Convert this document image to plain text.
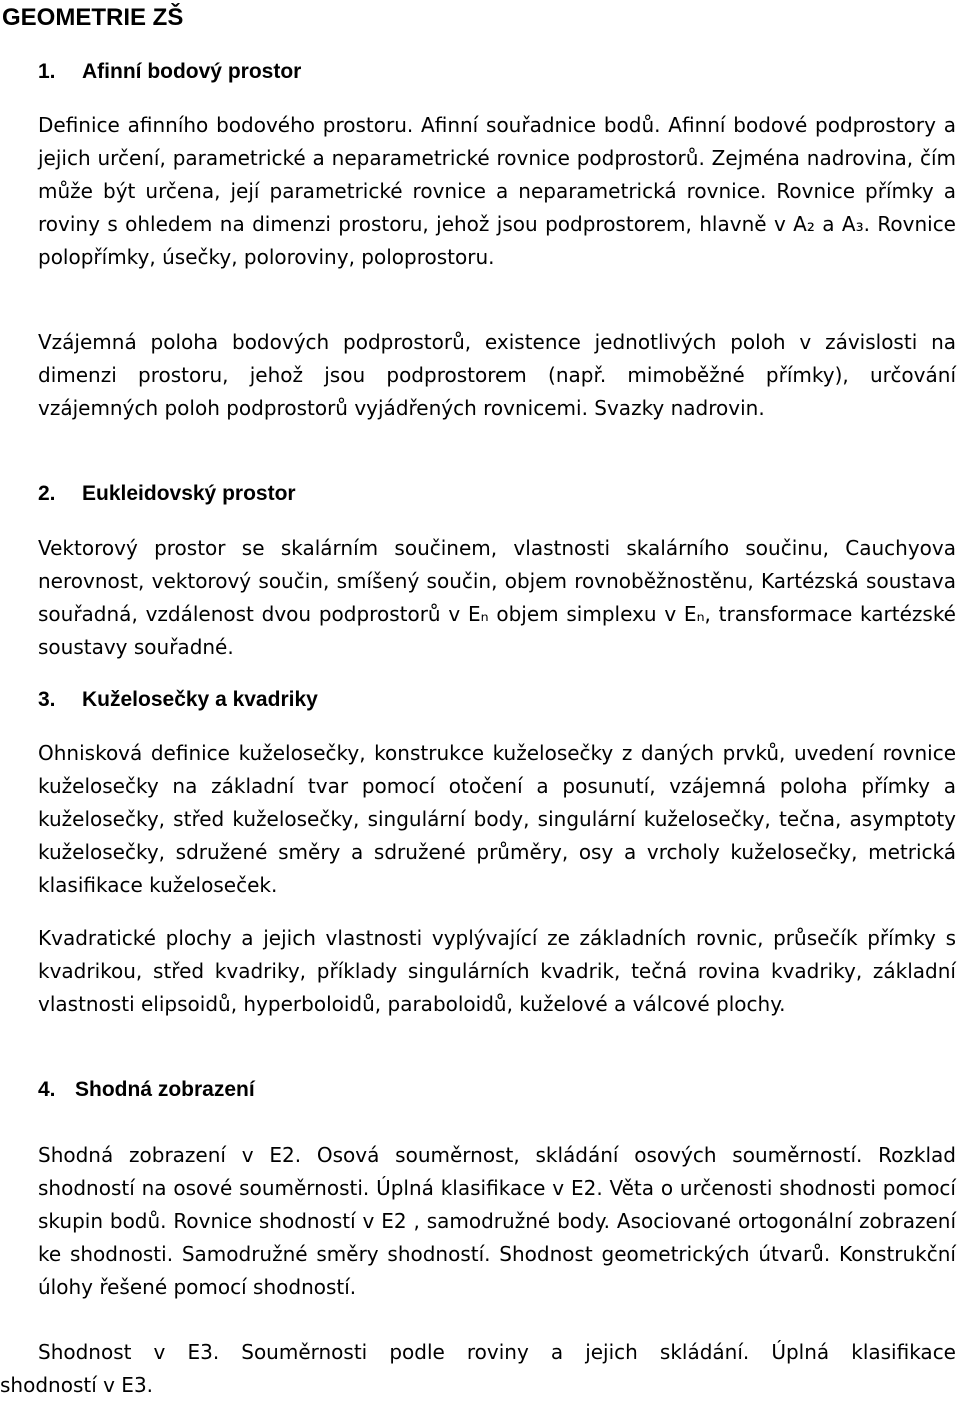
GEOMETRIE ZŠ
1. Afinní bodový prostor

Definice afinního bodového prostoru. Afinní souřadnice bodů. Afinní bodové podprostory a jejich určení, parametrické a neparametrické rovnice podprostorů. Zejména nadrovina, čím může být určena, její parametrické rovnice a neparametrická rovnice. Rovnice přímky a roviny s ohledem na dimenzi prostoru, jehož jsou podprostorem, hlavně v A₂ a A₃. Rovnice polopřímky, úsečky, poloroviny, poloprostoru.

Vzájemná poloha bodových podprostorů, existence jednotlivých poloh v závislosti na dimenzi prostoru, jehož jsou podprostorem (např. mimoběžné přímky), určování vzájemných poloh podprostorů vyjádřených rovnicemi. Svazky nadrovin.

2. Eukleidovský prostor

Vektorový prostor se skalárním součinem, vlastnosti skalárního součinu, Cauchyova nerovnost, vektorový součin, smíšený součin, objem rovnoběžnostěnu, Kartézská soustava souřadná, vzdálenost dvou podprostorů v Eₙ objem simplexu v Eₙ, transformace kartézské soustavy souřadné.

3. Kuželosečky a kvadriky

Ohnisková definice kuželosečky, konstrukce kuželosečky z daných prvků, uvedení rovnice kuželosečky na základní tvar pomocí otočení a posunutí, vzájemná poloha přímky a kuželosečky, střed kuželosečky, singulární body, singulární kuželosečky, tečna, asymptoty kuželosečky, sdružené směry a sdružené průměry, osy a vrcholy kuželosečky, metrická klasifikace kuželoseček.

Kvadratické plochy a jejich vlastnosti vyplývající ze základních rovnic, průsečík přímky s kvadrikou, střed kvadriky, příklady singulárních kvadrik, tečná rovina kvadriky, základní vlastnosti elipsoidů, hyperboloidů, paraboloidů, kuželové a válcové plochy.

4. Shodná zobrazení

Shodná zobrazení v E2. Osová souměrnost, skládání osových souměrností. Rozklad shodností na osové souměrnosti. Úplná klasifikace v E2. Věta o určenosti shodnosti pomocí skupin bodů. Rovnice shodností v E2 , samodružné body. Asociované ortogonální zobrazení ke shodnosti. Samodružné směry shodností. Shodnost geometrických útvarů. Konstrukční úlohy řešené pomocí shodností.

Shodnost v E3. Souměrnosti podle roviny a jejich skládání. Úplná klasifikace

shodností v E3.
